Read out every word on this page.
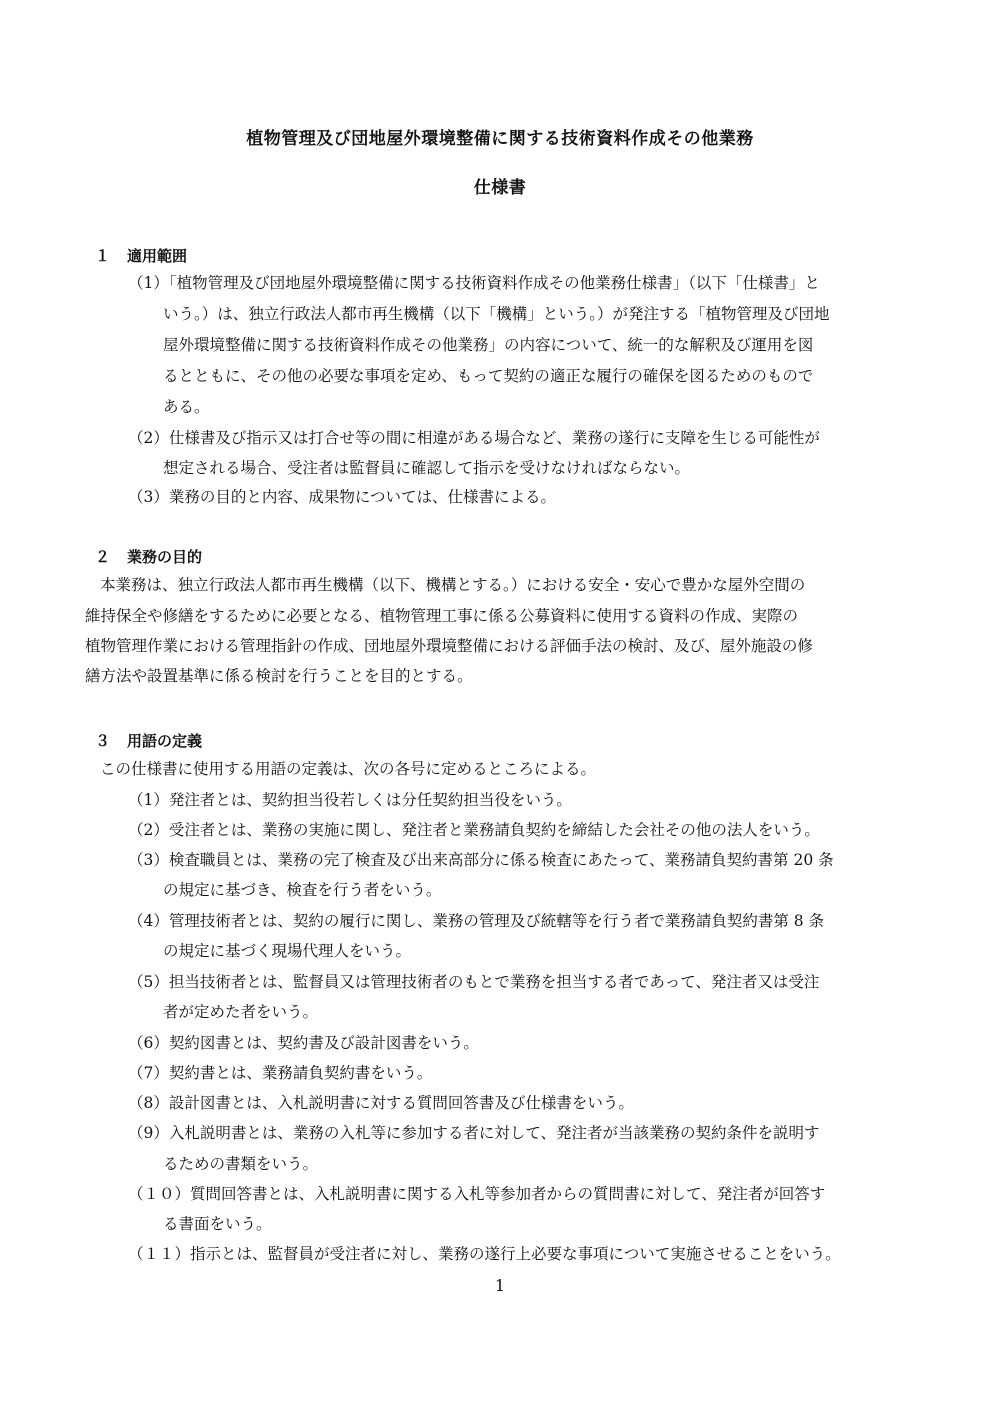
植物管理及び団地屋外環境整備に関する技術資料作成その他業務
仕様書
１ 適用範囲
（1）「植物管理及び団地屋外環境整備に関する技術資料作成その他業務仕様書」（以下「仕様書」と
いう。）は、独立行政法人都市再生機構（以下「機構」という。）が発注する「植物管理及び団地
屋外環境整備に関する技術資料作成その他業務」の内容について、統一的な解釈及び運用を図
るとともに、その他の必要な事項を定め、もって契約の適正な履行の確保を図るためのもので
ある。
（2）仕様書及び指示又は打合せ等の間に相違がある場合など、業務の遂行に支障を生じる可能性が
想定される場合、受注者は監督員に確認して指示を受けなければならない。
（3）業務の目的と内容、成果物については、仕様書による。
２ 業務の目的
本業務は、独立行政法人都市再生機構（以下、機構とする。）における安全・安心で豊かな屋外空間の
維持保全や修繕をするために必要となる、植物管理工事に係る公募資料に使用する資料の作成、実際の
植物管理作業における管理指針の作成、団地屋外環境整備における評価手法の検討、及び、屋外施設の修
繕方法や設置基準に係る検討を行うことを目的とする。
３ 用語の定義
この仕様書に使用する用語の定義は、次の各号に定めるところによる。
（1）発注者とは、契約担当役若しくは分任契約担当役をいう。
（2）受注者とは、業務の実施に関し、発注者と業務請負契約を締結した会社その他の法人をいう。
（3）検査職員とは、業務の完了検査及び出来高部分に係る検査にあたって、業務請負契約書第 20 条
の規定に基づき、検査を行う者をいう。
（4）管理技術者とは、契約の履行に関し、業務の管理及び統轄等を行う者で業務請負契約書第 8 条
の規定に基づく現場代理人をいう。
（5）担当技術者とは、監督員又は管理技術者のもとで業務を担当する者であって、発注者又は受注
者が定めた者をいう。
（6）契約図書とは、契約書及び設計図書をいう。
（7）契約書とは、業務請負契約書をいう。
（8）設計図書とは、入札説明書に対する質問回答書及び仕様書をいう。
（9）入札説明書とは、業務の入札等に参加する者に対して、発注者が当該業務の契約条件を説明す
るための書類をいう。
（１０）質問回答書とは、入札説明書に関する入札等参加者からの質問書に対して、発注者が回答す
る書面をいう。
（１１）指示とは、監督員が受注者に対し、業務の遂行上必要な事項について実施させることをいう。
1
